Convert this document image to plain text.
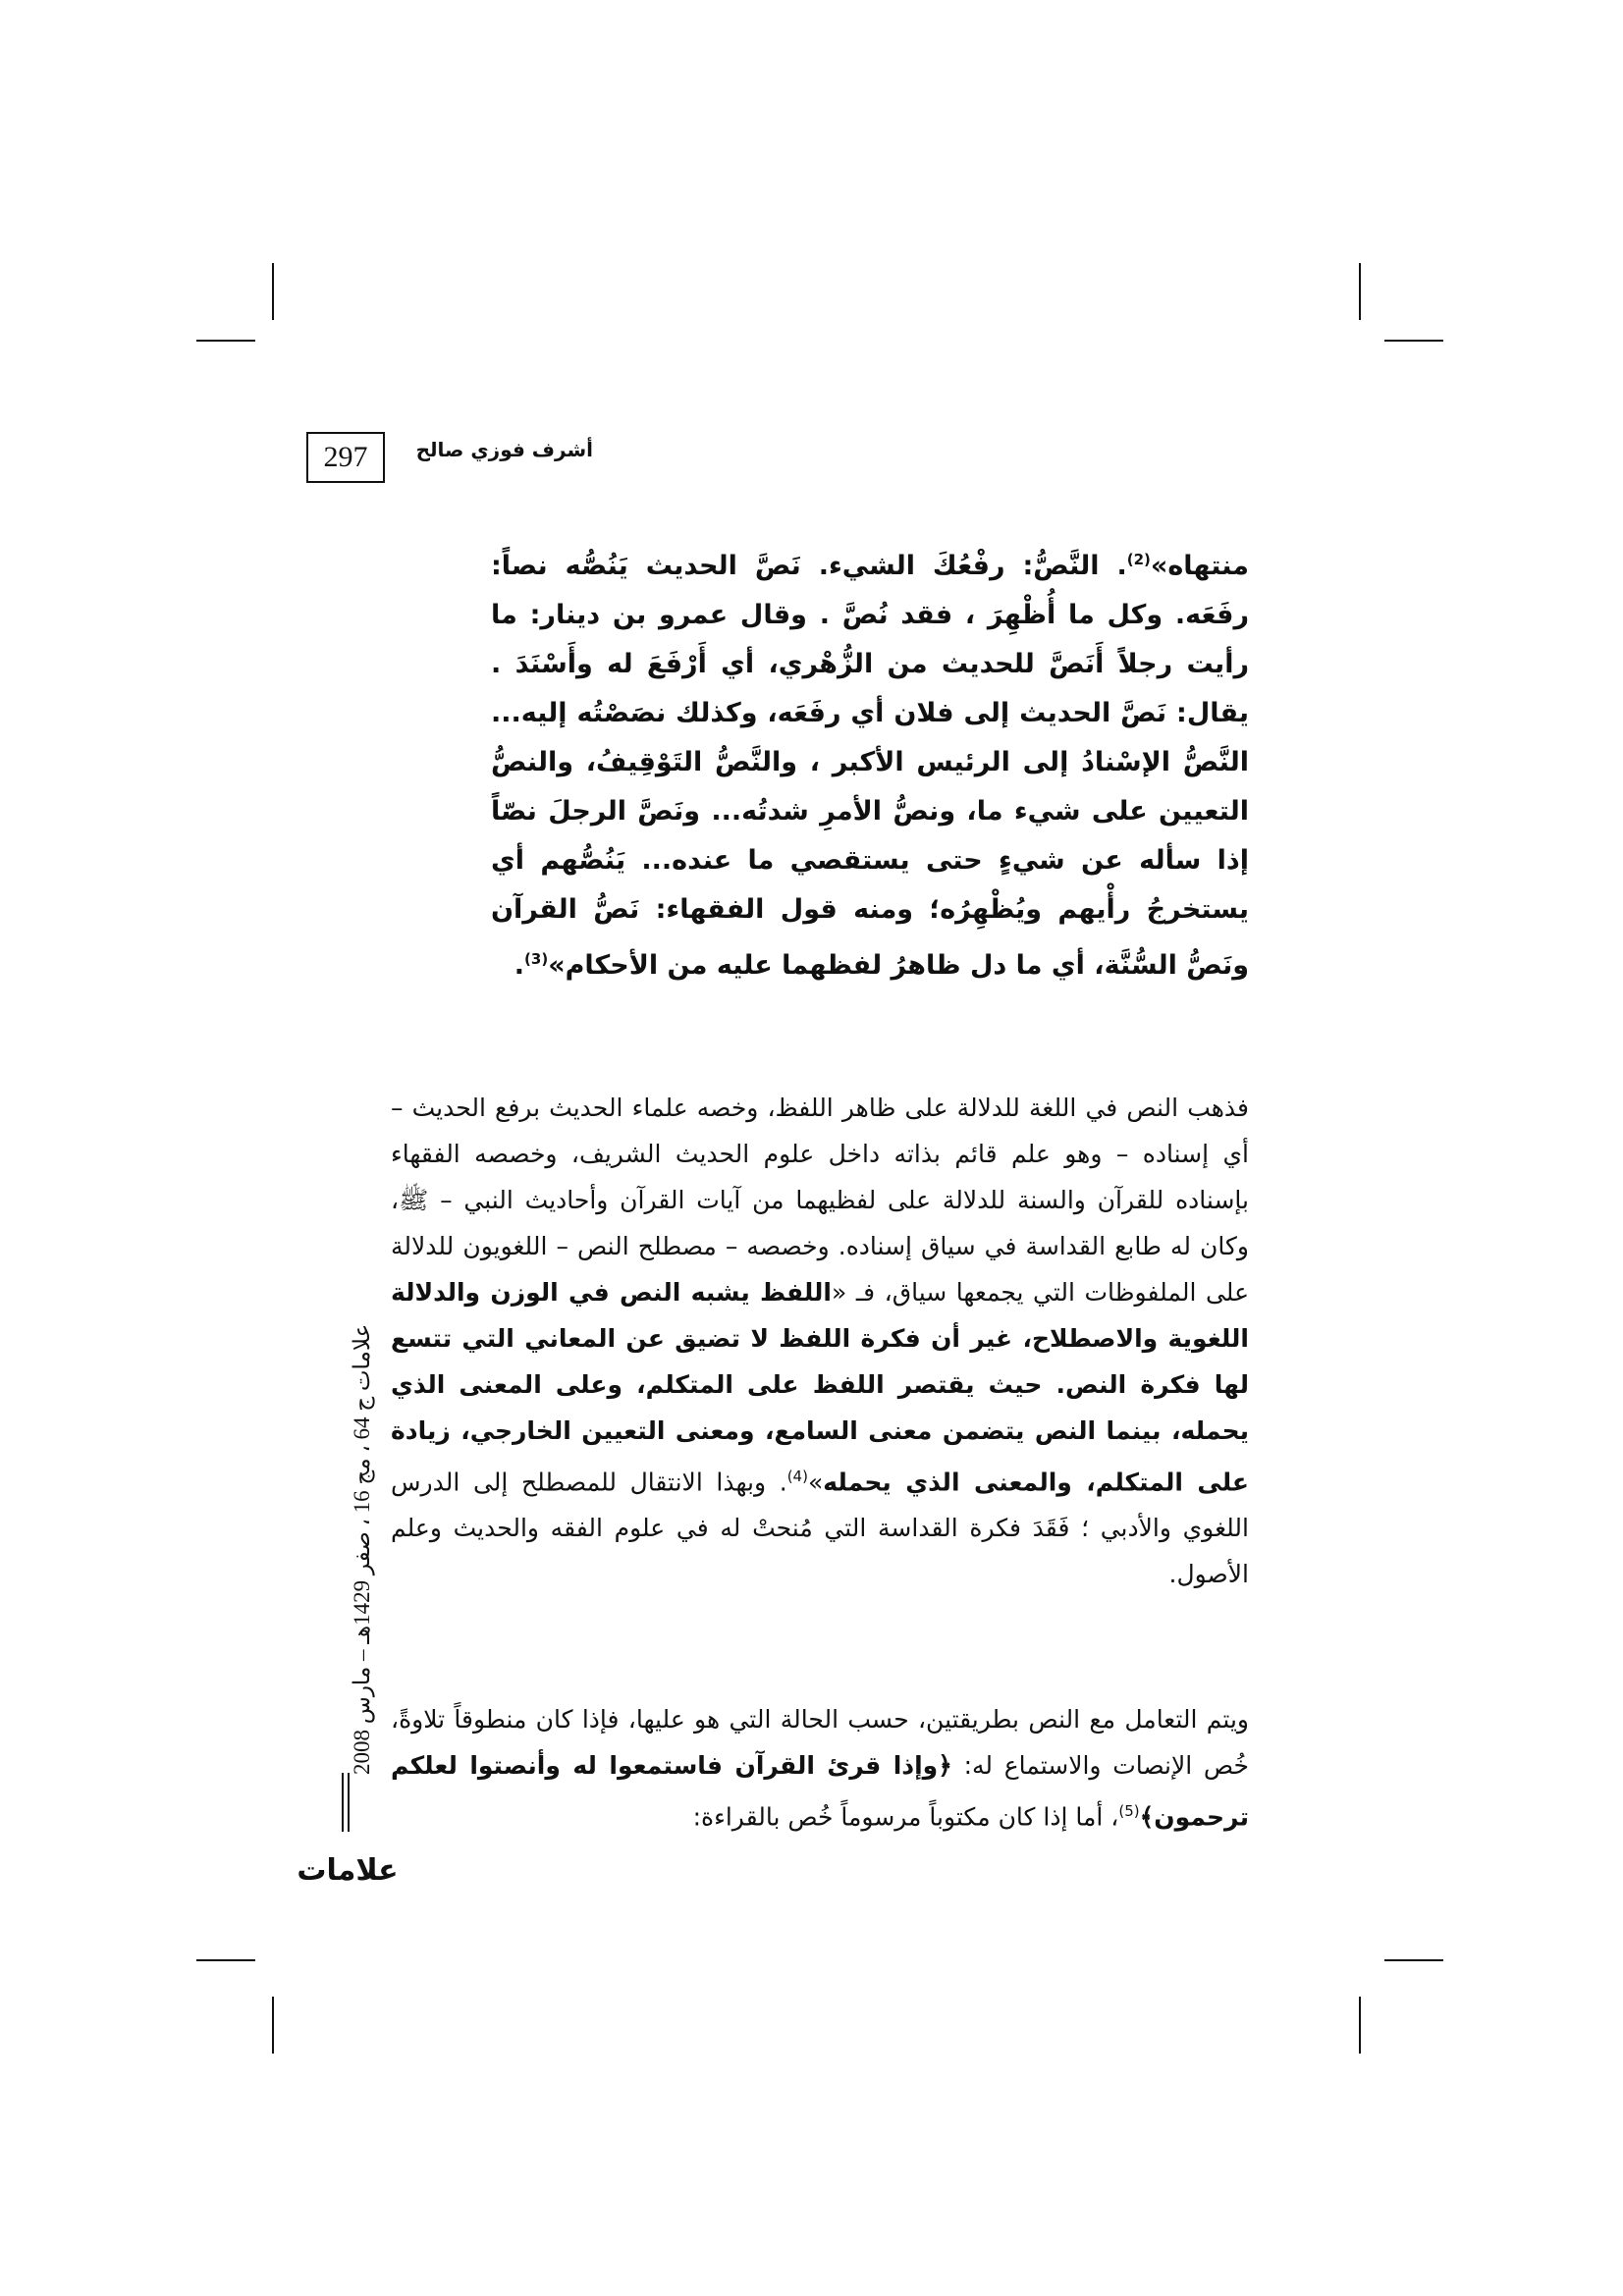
297	أشرف فوزي صالح

منتهاه»$^{(2)}$. النَّصُّ: رفْعُكَ الشيء. نَصَّ الحديث يَنُصُّه نصاً: رفَعَه. وكل ما أُظْهِرَ ، فقد نُصَّ . وقال عمرو بن دينار: ما رأيت رجلاً أَنَصَّ للحديث من الزُّهْري، أي أَرْفَعَ له وأَسْنَدَ . يقال: نَصَّ الحديث إلى فلان أي رفَعَه، وكذلك نصَصْتُه إليه... النَّصُّ الإسْنادُ إلى الرئيس الأكبر ، والنَّصُّ التَوْقِيفُ، والنصُّ التعيين على شيء ما، ونصُّ الأمرِ شدتُه... ونَصَّ الرجلَ نصّاً إذا سأله عن شيءٍ حتى يستقصي ما عنده... يَنُصُّهم أي يستخرجُ رأْيهم ويُظْهِرُه؛ ومنه قول الفقهاء: نَصُّ القرآن ونَصُّ السُّنَّة، أي ما دل ظاهرُ لفظهما عليه من الأحكام»$^{(3)}$.

فذهب النص في اللغة للدلالة على ظاهر اللفظ، وخصه علماء الحديث برفع الحديث – أي إسناده – وهو علم قائم بذاته داخل علوم الحديث الشريف، وخصصه الفقهاء بإسناده للقرآن والسنة للدلالة على لفظيهما من آيات القرآن وأحاديث النبي – ﷺ، وكان له طابع القداسة في سياق إسناده. وخصصه – مصطلح النص – اللغويون للدلالة على الملفوظات التي يجمعها سياق، فـ «اللفظ يشبه النص في الوزن والدلالة اللغوية والاصطلاح، غير أن فكرة اللفظ لا تضيق عن المعاني التي تتسع لها فكرة النص. حيث يقتصر اللفظ على المتكلم، وعلى المعنى الذي يحمله، بينما النص يتضمن معنى السامع، ومعنى التعيين الخارجي، زيادة على المتكلم، والمعنى الذي يحمله»$^{(4)}$. وبهذا الانتقال للمصطلح إلى الدرس اللغوي والأدبي ؛ فَقَدَ فكرة القداسة التي مُنحتْ له في علوم الفقه والحديث وعلم الأصول.

ويتم التعامل مع النص بطريقتين، حسب الحالة التي هو عليها، فإذا كان منطوقاً تلاوةً، خُص الإنصات والاستماع له: ﴿وإذا قرئ القرآن فاستمعوا له وأنصتوا لعلكم ترحمون﴾$^{(5)}$، أما إذا كان مكتوباً مرسوماً خُص بالقراءة:

علامات ج 64 ، مج 16 ، صفر 1429هـ – مارس 2008
علامات
